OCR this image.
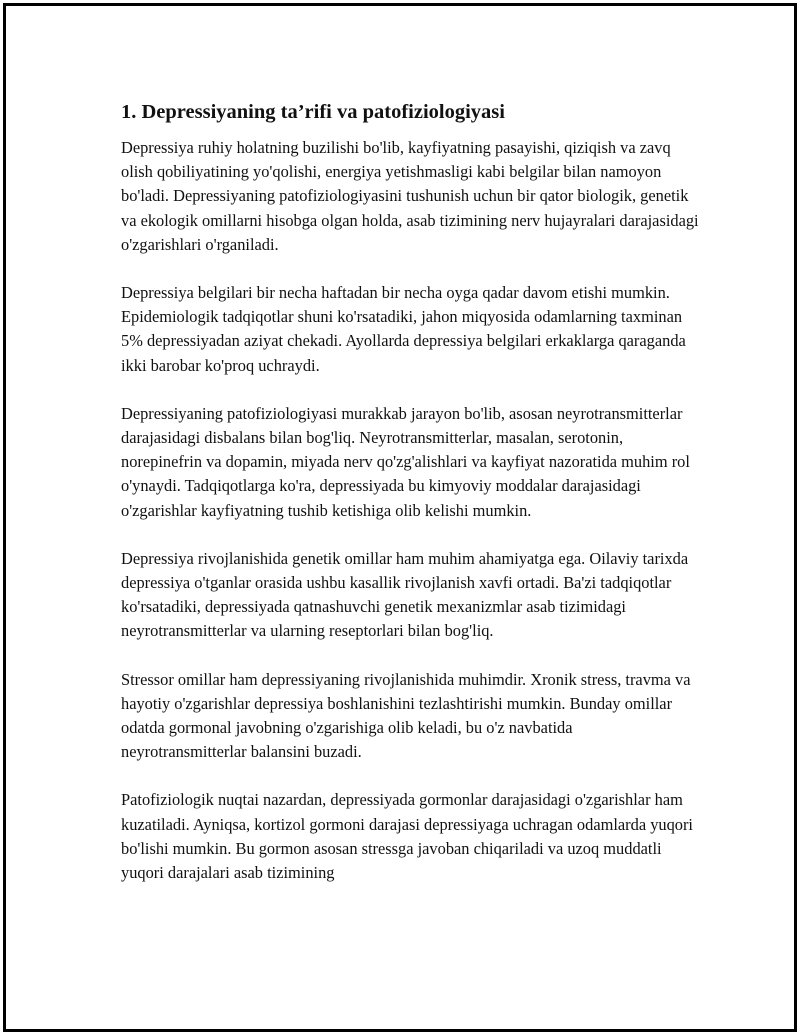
1. Depressiyaning ta’rifi va patofiziologiyasi

Depressiya ruhiy holatning buzilishi bo'lib, kayfiyatning pasayishi, qiziqish va zavq olish qobiliyatining yo'qolishi, energiya yetishmasligi kabi belgilar bilan namoyon bo'ladi. Depressiyaning patofiziologiyasini tushunish uchun bir qator biologik, genetik va ekologik omillarni hisobga olgan holda, asab tizimining nerv hujayralari darajasidagi o'zgarishlari o'rganiladi.

Depressiya belgilari bir necha haftadan bir necha oyga qadar davom etishi mumkin. Epidemiologik tadqiqotlar shuni ko'rsatadiki, jahon miqyosida odamlarning taxminan 5% depressiyadan aziyat chekadi. Ayollarda depressiya belgilari erkaklarga qaraganda ikki barobar ko'proq uchraydi.

Depressiyaning patofiziologiyasi murakkab jarayon bo'lib, asosan neyrotransmitterlar darajasidagi disbalans bilan bog'liq. Neyrotransmitterlar, masalan, serotonin, norepinefrin va dopamin, miyada nerv qo'zg'alishlari va kayfiyat nazoratida muhim rol o'ynaydi. Tadqiqotlarga ko'ra, depressiyada bu kimyoviy moddalar darajasidagi o'zgarishlar kayfiyatning tushib ketishiga olib kelishi mumkin.

Depressiya rivojlanishida genetik omillar ham muhim ahamiyatga ega. Oilaviy tarixda depressiya o'tganlar orasida ushbu kasallik rivojlanish xavfi ortadi. Ba'zi tadqiqotlar ko'rsatadiki, depressiyada qatnashuvchi genetik mexanizmlar asab tizimidagi neyrotransmitterlar va ularning reseptorlari bilan bog'liq.

Stressor omillar ham depressiyaning rivojlanishida muhimdir. Xronik stress, travma va hayotiy o'zgarishlar depressiya boshlanishini tezlashtirishi mumkin. Bunday omillar odatda gormonal javobning o'zgarishiga olib keladi, bu o'z navbatida neyrotransmitterlar balansini buzadi.

Patofiziologik nuqtai nazardan, depressiyada gormonlar darajasidagi o'zgarishlar ham kuzatiladi. Ayniqsa, kortizol gormoni darajasi depressiyaga uchragan odamlarda yuqori bo'lishi mumkin. Bu gormon asosan stressga javoban chiqariladi va uzoq muddatli yuqori darajalari asab tizimining
